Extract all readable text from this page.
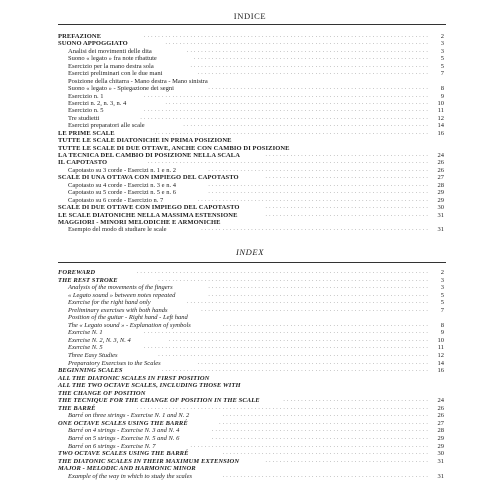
INDICE
PREFAZIONE	................................................................................ 2
SUONO APPOGGIATO	.......................................................................... 3
Analisi dei movimenti delle dita	.................................................................... 3
Suono « legato » fra note ribattute	.................................................................. 5
Esercizio per la mano destra sola	................................................................... 5
Esercizi preliminari con le due mani	................................................................. 7
Posizione della chitarra - Mano destra - Mano sinistra
Suono « legato » - Spiegazione dei segni	.............................................................. 8
Esercizio n. 1	................................................................................ 9
Esercizi n. 2, n. 3, n. 4	.......................................................................... 10
Esercizio n. 5	................................................................................ 11
Tre studietti	................................................................................. 12
Esercizi preparatori alle scale	..................................................................... 14
LE PRIME SCALE	............................................................................. 16
TUTTE LE SCALE DIATONICHE IN PRIMA POSIZIONE
TUTTE LE SCALE DI DUE OTTAVE, ANCHE CON CAMBIO DI POSIZIONE
LA TECNICA DEL CAMBIO DI POSIZIONE NELLA SCALA	.............................................. 24
IL CAPOTASTO	............................................................................... 26
Capotasto su 3 corde - Esercizi n. 1 e n. 2	.............................................................. 26
SCALE DI UNA OTTAVA CON IMPIEGO DEL CAPOTASTO	.............................................. 27
Capotasto su 4 corde - Esercizi n. 3 e n. 4	.............................................................. 28
Capotasto su 5 corde - Esercizi n. 5 e n. 6	.............................................................. 29
Capotasto su 6 corde - Esercizio n. 7	................................................................. 29
SCALE DI DUE OTTAVE CON IMPIEGO DEL CAPOTASTO	.............................................. 30
LE SCALE DIATONICHE NELLA MASSIMA ESTENSIONE	.............................................. 31
MAGGIORI - MINORI MELODICHE E ARMONICHE
Esempio del modo di studiare le scale	................................................................ 31
INDEX
FOREWARD	.................................................................................. 2
THE REST STROKE	............................................................................ 3
Analysis of the movements of the fingers	.............................................................. 3
« Legato sound » between notes repeated	.............................................................. 5
Exercise for the right hand only	.................................................................... 5
Preliminary exercises with both hands	................................................................ 7
Position of the guitar - Right hand - Left hand
The « Legato sound » - Explanation of symbols	.......................................................... 8
Exercise N. 1	................................................................................ 9
Exercise N. 2, N. 3, N. 4	......................................................................... 10
Exercise N. 5	................................................................................ 11
Three Easy Studies	............................................................................ 12
Preparatory Exercises to the Scales	................................................................. 14
BEGINNING SCALES	........................................................................... 16
ALL THE DIATONIC SCALES IN FIRST POSITION
ALL THE TWO OCTAVE SCALES, INCLUDING THOSE WITH
THE CHANGE OF POSITION
THE TECNIQUE FOR THE CHANGE OF POSITION IN THE SCALE	......................................... 24
THE BARRÉ	.................................................................................. 26
Barré on three strings - Exercise N. 1 and N. 2	.......................................................... 26
ONE OCTAVE SCALES USING THE BARRÉ	........................................................... 27
Barré on 4 strings - Exercise N. 3 and N. 4	............................................................. 28
Barré on 5 strings - Exercise N. 5 and N. 6	............................................................. 29
Barré on 6 strings - Exercise N. 7	................................................................... 29
TWO OCTAVE SCALES USING THE BARRÉ	.......................................................... 30
THE DIATONIC SCALES IN THEIR MAXIMUM EXTENSION	.............................................. 31
MAJOR - MELODIC AND HARMONIC MINOR
Example of the way in which to study the scales	.......................................................... 31
